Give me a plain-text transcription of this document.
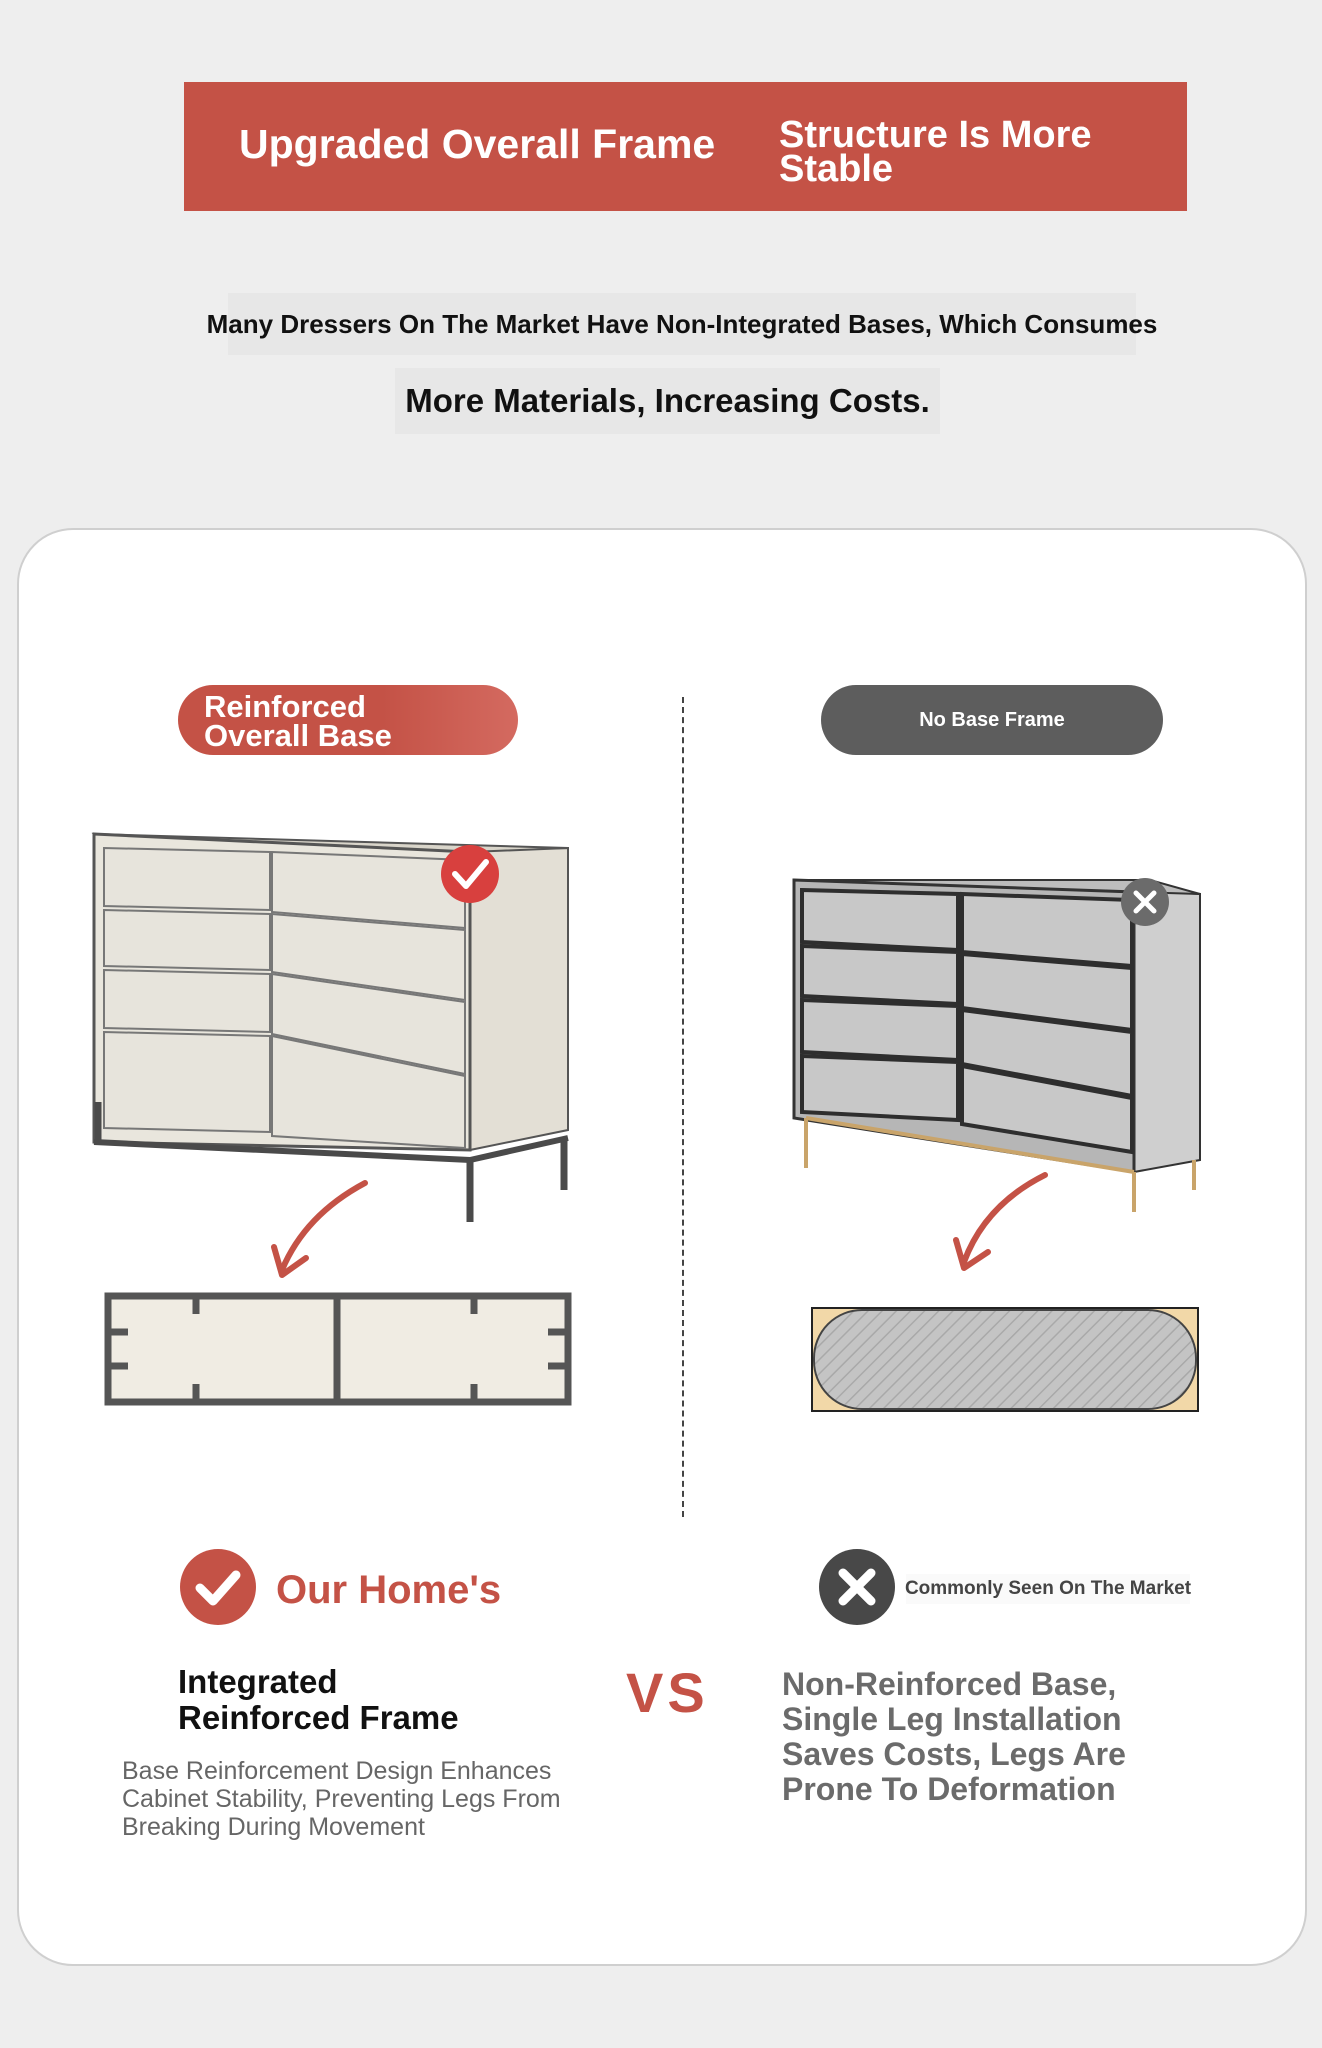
Upgraded Overall Frame Structure Is More Stable
Many Dressers On The Market Have Non-Integrated Bases, Which Consumes
More Materials, Increasing Costs.
Reinforced Overall Base	No Base Frame
Our Home's	Commonly Seen On The Market
Integrated Reinforced Frame
Base Reinforcement Design Enhances Cabinet Stability, Preventing Legs From Breaking During Movement
VS Non-Reinforced Base, Single Leg Installation Saves Costs, Legs Are Prone To Deformation
